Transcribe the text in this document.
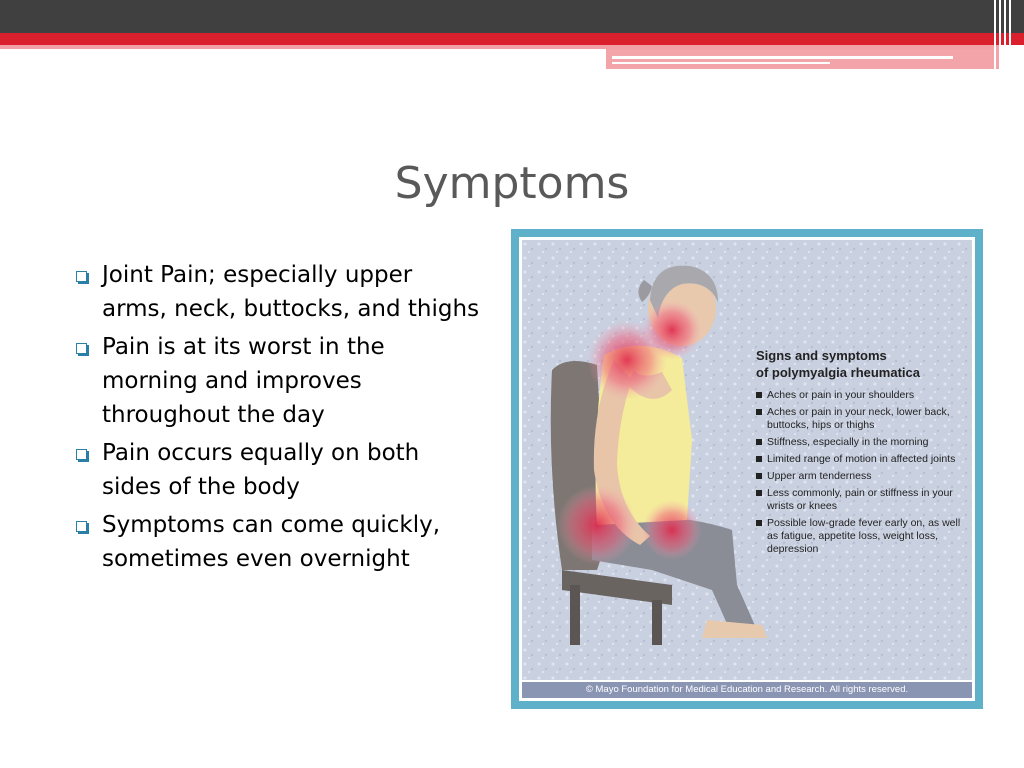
Symptoms
Joint Pain; especially upper arms, neck, buttocks, and thighs
Pain is at its worst in the morning and improves throughout the day
Pain occurs equally on both sides of the body
Symptoms can come quickly, sometimes even overnight
Signs and symptoms
of polymyalgia rheumatica
Aches or pain in your shoulders
Aches or pain in your neck, lower back, buttocks, hips or thighs
Stiffness, especially in the morning
Limited range of motion in affected joints
Upper arm tenderness
Less commonly, pain or stiffness in your wrists or knees
Possible low-grade fever early on, as well as fatigue, appetite loss, weight loss, depression
© Mayo Foundation for Medical Education and Research. All rights reserved.
